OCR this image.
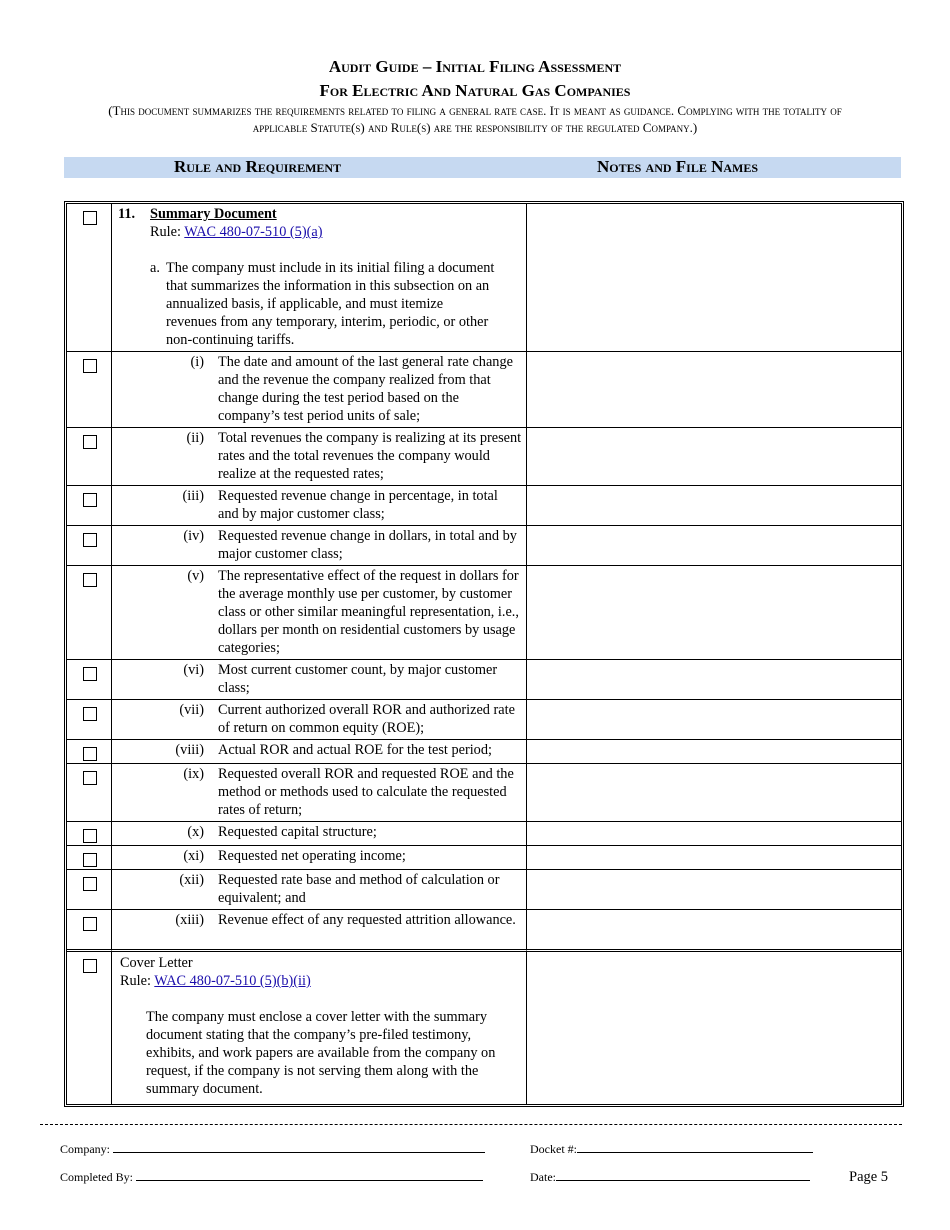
Audit Guide – Initial Filing Assessment
For Electric And Natural Gas Companies
(This document summarizes the requirements related to filing a general rate case. It is meant as guidance. Complying with the totality of applicable Statute(s) and Rule(s) are the responsibility of the regulated Company.)
Rule and Requirement	Notes and File Names

	11. Summary Document
Rule: WAC 480-07-510 (5)(a)
a. The company must include in its initial filing a document that summarizes the information in this subsection on an annualized basis, if applicable, and must itemize revenues from any temporary, interim, periodic, or other non-continuing tariffs.	

	(i) The date and amount of the last general rate change and the revenue the company realized from that change during the test period based on the company’s test period units of sale;	

	(ii) Total revenues the company is realizing at its present rates and the total revenues the company would realize at the requested rates;	

	(iii) Requested revenue change in percentage, in total and by major customer class;	

	(iv) Requested revenue change in dollars, in total and by major customer class;	

	(v) The representative effect of the request in dollars for the average monthly use per customer, by customer class or other similar meaningful representation, i.e., dollars per month on residential customers by usage categories;	

	(vi) Most current customer count, by major customer class;	

	(vii) Current authorized overall ROR and authorized rate of return on common equity (ROE);	

	(viii) Actual ROR and actual ROE for the test period;	

	(ix) Requested overall ROR and requested ROE and the method or methods used to calculate the requested rates of return;	

	(x) Requested capital structure;	

	(xi) Requested net operating income;	

	(xii) Requested rate base and method of calculation or equivalent; and	

	(xiii) Revenue effect of any requested attrition allowance.	

	Cover Letter
Rule: WAC 480-07-510 (5)(b)(ii)
The company must enclose a cover letter with the summary document stating that the company’s pre-filed testimony, exhibits, and work papers are available from the company on request, if the company is not serving them along with the summary document.	

Company:	Docket #:
Completed By:	Date:	Page 5
